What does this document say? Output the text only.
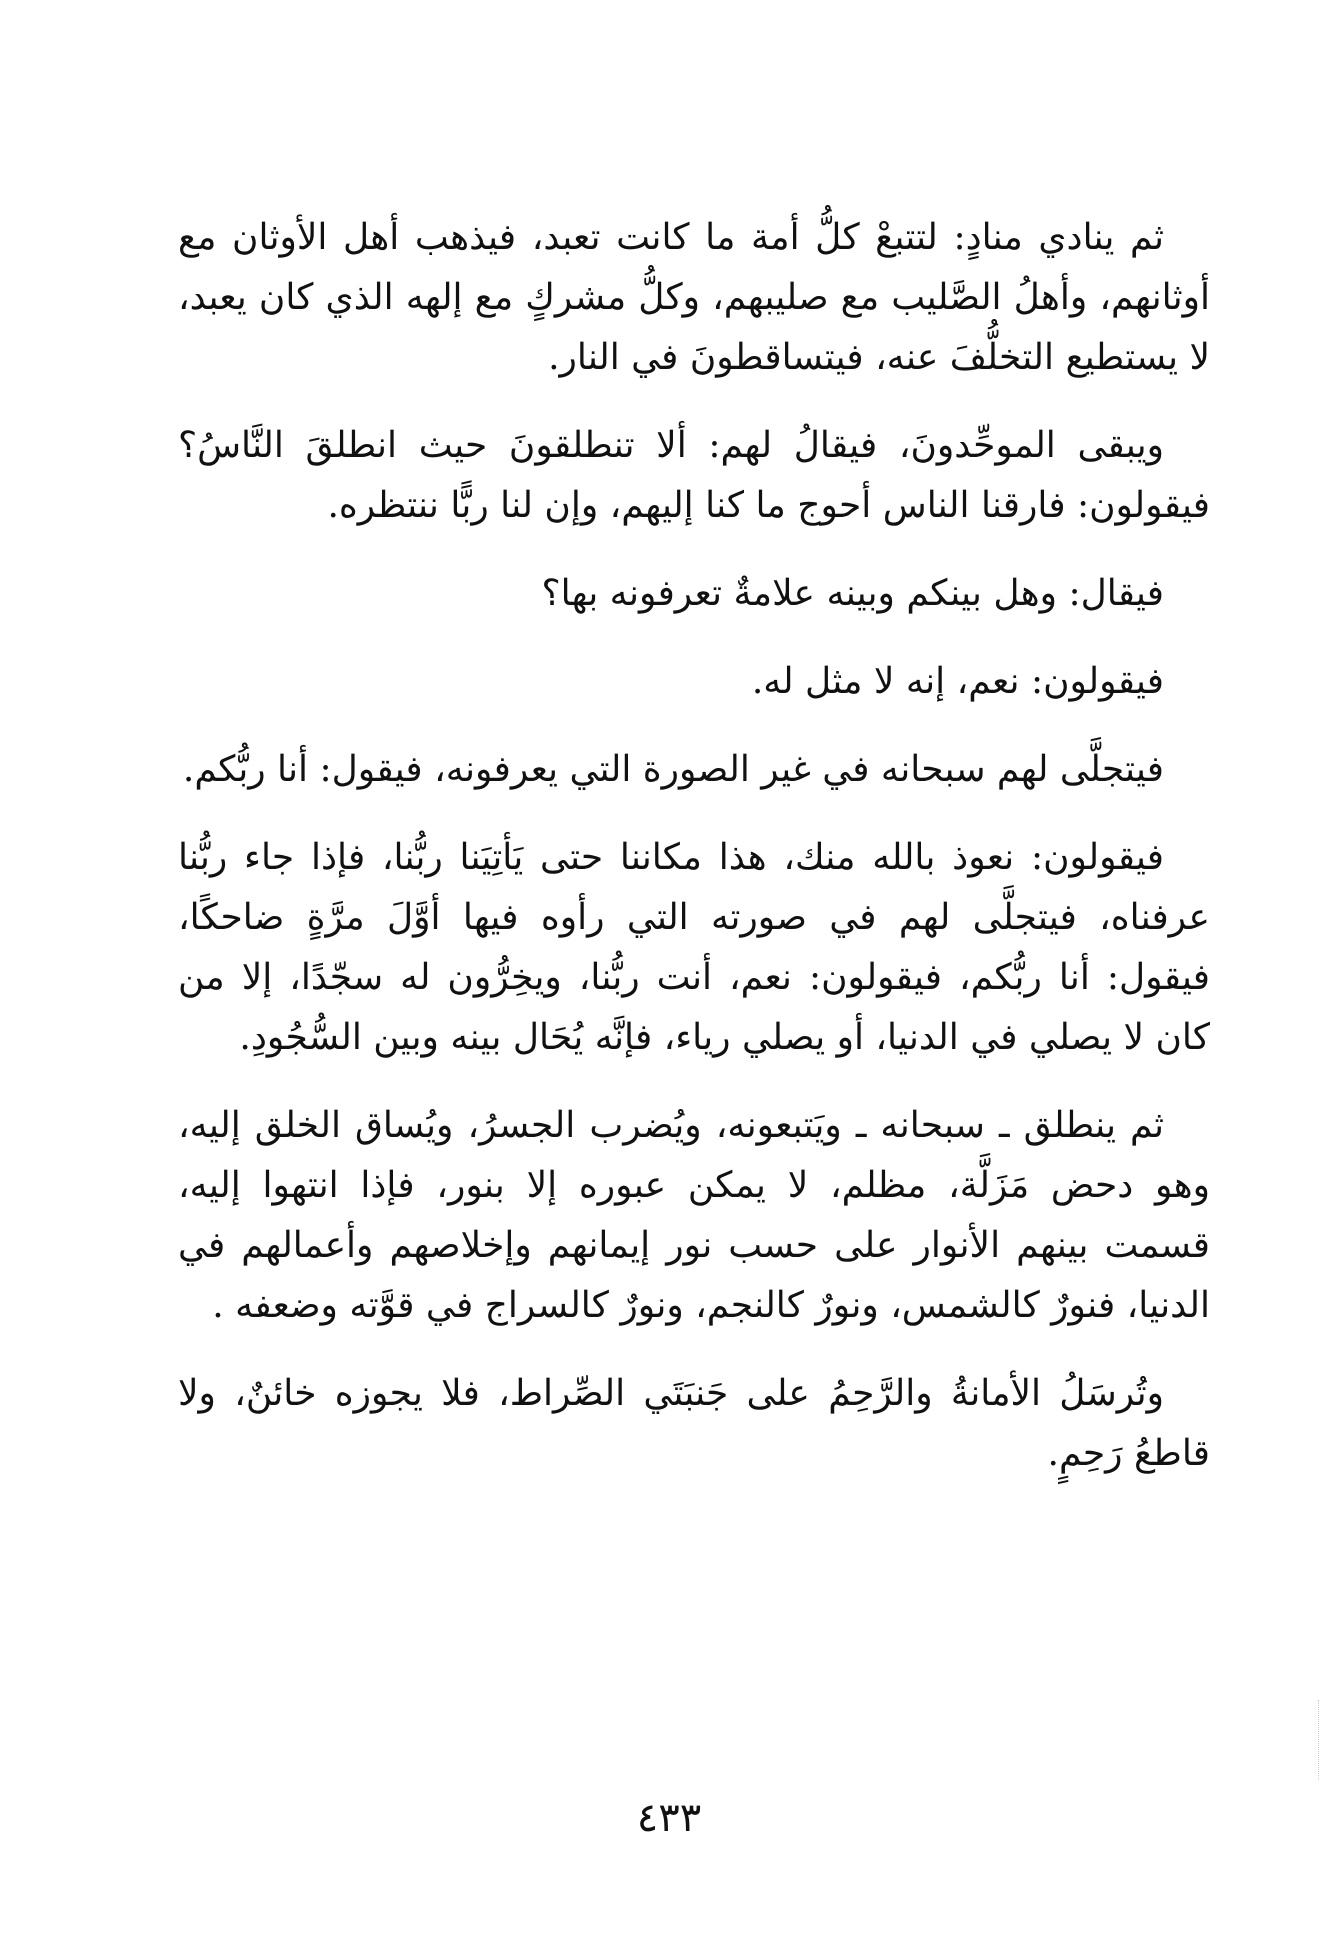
ثم ينادي منادٍ: لتتبعْ كلُّ أمة ما كانت تعبد، فيذهب أهل الأوثان مع أوثانهم، وأهلُ الصَّليب مع صليبهم، وكلُّ مشركٍ مع إلهه الذي كان يعبد، لا يستطيع التخلُّفَ عنه، فيتساقطونَ في النار.

ويبقى الموحِّدونَ، فيقالُ لهم: ألا تنطلقونَ حيث انطلقَ النَّاسُ؟ فيقولون: فارقنا الناس أحوج ما كنا إليهم، وإن لنا ربًّا ننتظره.

فيقال: وهل بينكم وبينه علامةٌ تعرفونه بها؟

فيقولون: نعم، إنه لا مثل له.

فيتجلَّى لهم سبحانه في غير الصورة التي يعرفونه، فيقول: أنا ربُّكم.

فيقولون: نعوذ بالله منك، هذا مكاننا حتى يَأتِيَنا ربُّنا، فإذا جاء ربُّنا عرفناه، فيتجلَّى لهم في صورته التي رأوه فيها أوَّلَ مرَّةٍ ضاحكًا، فيقول: أنا ربُّكم، فيقولون: نعم، أنت ربُّنا، ويخِرُّون له سجّدًا، إلا من كان لا يصلي في الدنيا، أو يصلي رياء، فإنَّه يُحَال بينه وبين السُّجُودِ.

ثم ينطلق ـ سبحانه ـ ويَتبعونه، ويُضرب الجسرُ، ويُساق الخلق إليه، وهو دحض مَزَلَّة، مظلم، لا يمكن عبوره إلا بنور، فإذا انتهوا إليه، قسمت بينهم الأنوار على حسب نور إيمانهم وإخلاصهم وأعمالهم في الدنيا، فنورٌ كالشمس، ونورٌ كالنجم، ونورٌ كالسراج في قوَّته وضعفه .

وتُرسَلُ الأمانةُ والرَّحِمُ على جَنبَتَي الصِّراط، فلا يجوزه خائنٌ، ولا قاطعُ رَحِمٍ.

٤٣٣
